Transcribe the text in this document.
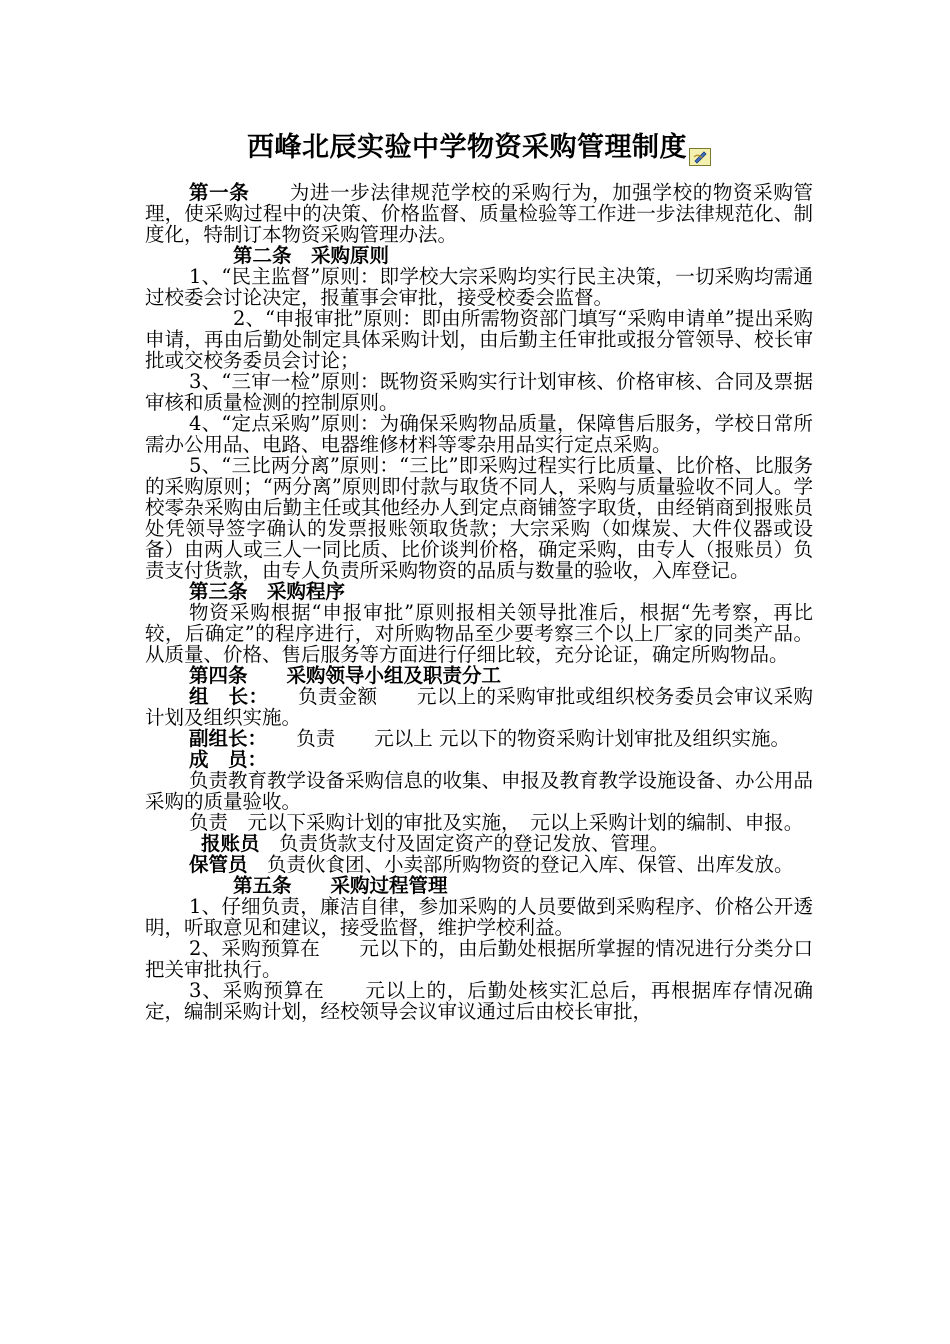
西峰北辰实验中学物资采购管理制度

第一条　　 为进一步法律规范学校的采购行为，加强学校的物资采购管理，使采购过程中的决策、价格监督、质量检验等工作进一步法律规范化、制度化，特制订本物资采购管理办法。

第二条　采购原则

1、“民主监督”原则：即学校大宗采购均实行民主决策，一切采购均需通过校委会讨论决定，报董事会审批，接受校委会监督。

2、“申报审批”原则：即由所需物资部门填写“采购申请单”提出采购申请，再由后勤处制定具体采购计划，由后勤主任审批或报分管领导、校长审批或交校务委员会讨论；

3、“三审一检”原则：既物资采购实行计划审核、价格审核、合同及票据审核和质量检测的控制原则。

4、“定点采购”原则：为确保采购物品质量，保障售后服务，学校日常所需办公用品、电路、电器维修材料等零杂用品实行定点采购。

5、“三比两分离”原则：“三比”即采购过程实行比质量、比价格、比服务的采购原则；“两分离”原则即付款与取货不同人，采购与质量验收不同人。学校零杂采购由后勤主任或其他经办人到定点商铺签字取货，由经销商到报账员处凭领导签字确认的发票报账领取货款；大宗采购（如煤炭、大件仪器或设备）由两人或三人一同比质、比价谈判价格，确定采购，由专人（报账员）负责支付货款，由专人负责所采购物资的品质与数量的验收，入库登记。

第三条　采购程序

物资采购根据“申报审批”原则报相关领导批准后，根据“先考察，再比较，后确定”的程序进行，对所购物品至少要考察三个以上厂家的同类产品。从质量、价格、售后服务等方面进行仔细比较，充分论证，确定所购物品。

第四条　　采购领导小组及职责分工

组　长：　　负责金额　　元以上的采购审批或组织校务委员会审议采购计划及组织实施。

副组长：　　负责　　元以上 元以下的物资采购计划审批及组织实施。

成　员：

负责教育教学设备采购信息的收集、申报及教育教学设施设备、办公用品采购的质量验收。

负责　元以下采购计划的审批及实施，　元以上采购计划的编制、申报。

报账员　负责货款支付及固定资产的登记发放、管理。

保管员　负责伙食团、小卖部所购物资的登记入库、保管、出库发放。

第五条　　采购过程管理

1、仔细负责，廉洁自律，参加采购的人员要做到采购程序、价格公开透明，听取意见和建议，接受监督，维护学校利益。

2、采购预算在　　元以下的，由后勤处根据所掌握的情况进行分类分口把关审批执行。

3、采购预算在　　元以上的，后勤处核实汇总后，再根据库存情况确定，编制采购计划，经校领导会议审议通过后由校长审批，
